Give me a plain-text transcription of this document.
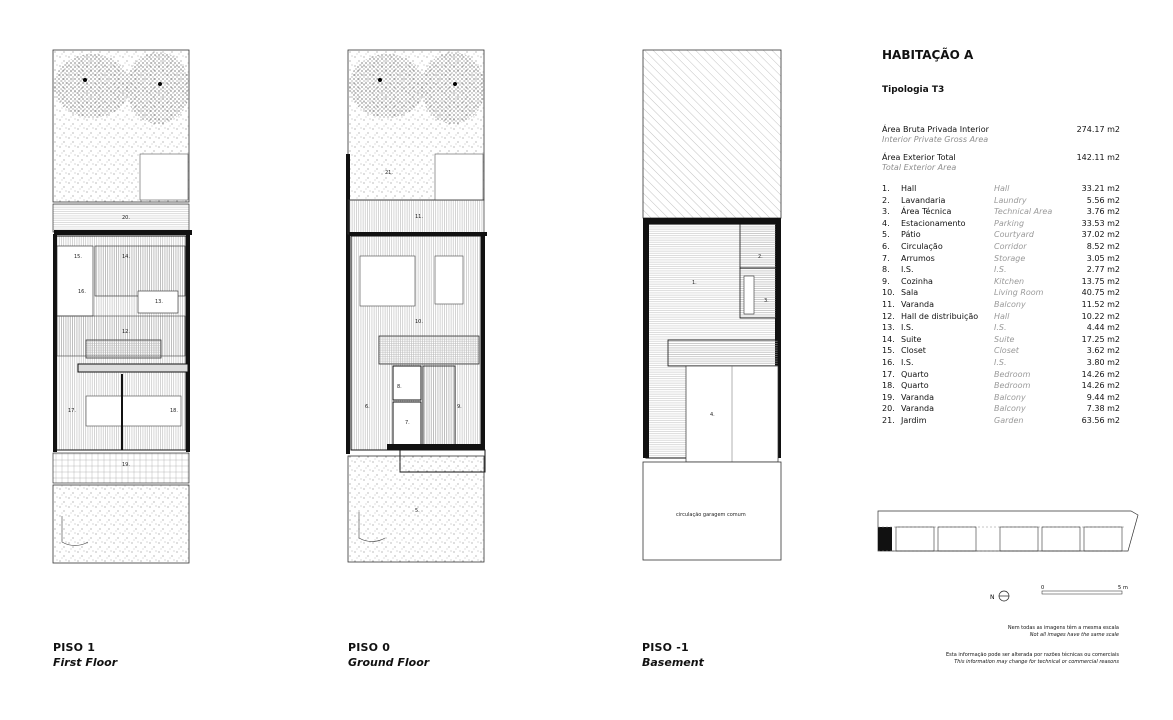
20.
14.
15.
16.
13.
12.
17.	18.
19.
21.
11.
10.
6.
7.
8.
9.
5.
1.
2.
3.
4.
circulação garagem comum
PISO 1
First Floor
PISO 0
Ground Floor
PISO -1
Basement
HABITAÇÃO A
Tipologia T3
Área Bruta Privada Interior
Interior Private Gross Area
274.17 m2
Área Exterior Total
Total Exterior Area
142.11 m2
1.	Hall	Hall	33.21 m2
2.	Lavandaria	Laundry	5.56 m2
3.	Área Técnica	Technical Area	3.76 m2
4.	Estacionamento	Parking	33.53 m2
5.	Pátio	Courtyard	37.02 m2
6.	Circulação	Corridor	8.52 m2
7.	Arrumos	Storage	3.05 m2
8.	I.S.	I.S.	2.77 m2
9.	Cozinha	Kitchen	13.75 m2
10. Sala	Living Room	40.75 m2
11. Varanda	Balcony	11.52 m2
12. Hall de distribuição	Hall	10.22 m2
13. I.S.	I.S.	4.44 m2
14. Suite	Suite	17.25 m2
15. Closet	Closet	3.62 m2
16. I.S.	I.S.	3.80 m2
17. Quarto	Bedroom	14.26 m2
18. Quarto	Bedroom	14.26 m2
19. Varanda	Balcony	9.44 m2
20. Varanda	Balcony	7.38 m2
21. Jardim	Garden	63.56 m2
N
0	5 m
Nem todas as imagens têm a mesma escala
Not all images have the same scale
Esta informação pode ser alterada por razões técnicas ou comerciais
This information may change for technical or commercial reasons
